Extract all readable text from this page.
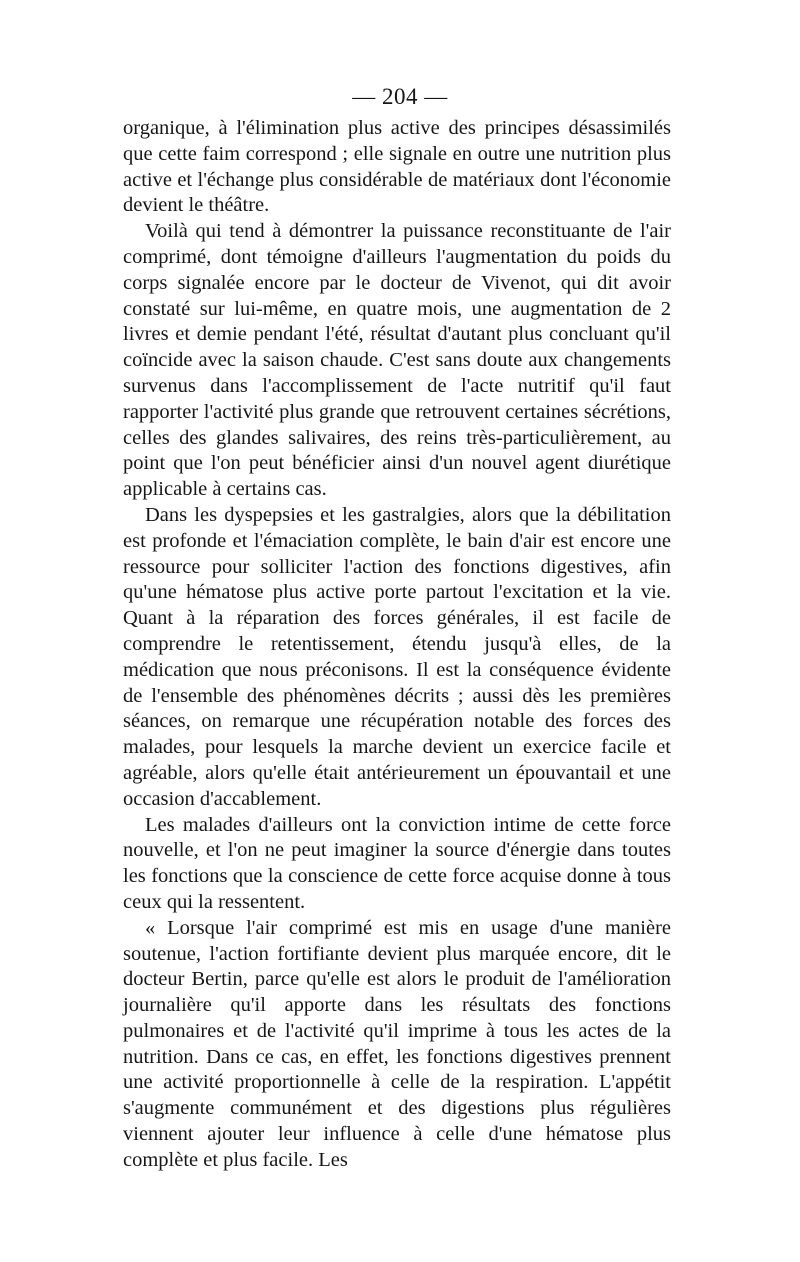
— 204 —

organique, à l'élimination plus active des principes désassimilés que cette faim correspond ; elle signale en outre une nutrition plus active et l'échange plus considérable de matériaux dont l'économie devient le théâtre.

Voilà qui tend à démontrer la puissance reconstituante de l'air comprimé, dont témoigne d'ailleurs l'augmentation du poids du corps signalée encore par le docteur de Vivenot, qui dit avoir constaté sur lui-même, en quatre mois, une augmentation de 2 livres et demie pendant l'été, résultat d'autant plus concluant qu'il coïncide avec la saison chaude. C'est sans doute aux changements survenus dans l'accomplissement de l'acte nutritif qu'il faut rapporter l'activité plus grande que retrouvent certaines sécrétions, celles des glandes salivaires, des reins très-particulièrement, au point que l'on peut bénéficier ainsi d'un nouvel agent diurétique applicable à certains cas.

Dans les dyspepsies et les gastralgies, alors que la débilitation est profonde et l'émaciation complète, le bain d'air est encore une ressource pour solliciter l'action des fonctions digestives, afin qu'une hématose plus active porte partout l'excitation et la vie. Quant à la réparation des forces générales, il est facile de comprendre le retentissement, étendu jusqu'à elles, de la médication que nous préconisons. Il est la conséquence évidente de l'ensemble des phénomènes décrits ; aussi dès les premières séances, on remarque une récupération notable des forces des malades, pour lesquels la marche devient un exercice facile et agréable, alors qu'elle était antérieurement un épouvantail et une occasion d'accablement.

Les malades d'ailleurs ont la conviction intime de cette force nouvelle, et l'on ne peut imaginer la source d'énergie dans toutes les fonctions que la conscience de cette force acquise donne à tous ceux qui la ressentent.

« Lorsque l'air comprimé est mis en usage d'une manière soutenue, l'action fortifiante devient plus marquée encore, dit le docteur Bertin, parce qu'elle est alors le produit de l'amélioration journalière qu'il apporte dans les résultats des fonctions pulmonaires et de l'activité qu'il imprime à tous les actes de la nutrition. Dans ce cas, en effet, les fonctions digestives prennent une activité proportionnelle à celle de la respiration. L'appétit s'augmente communément et des digestions plus régulières viennent ajouter leur influence à celle d'une hématose plus complète et plus facile. Les
